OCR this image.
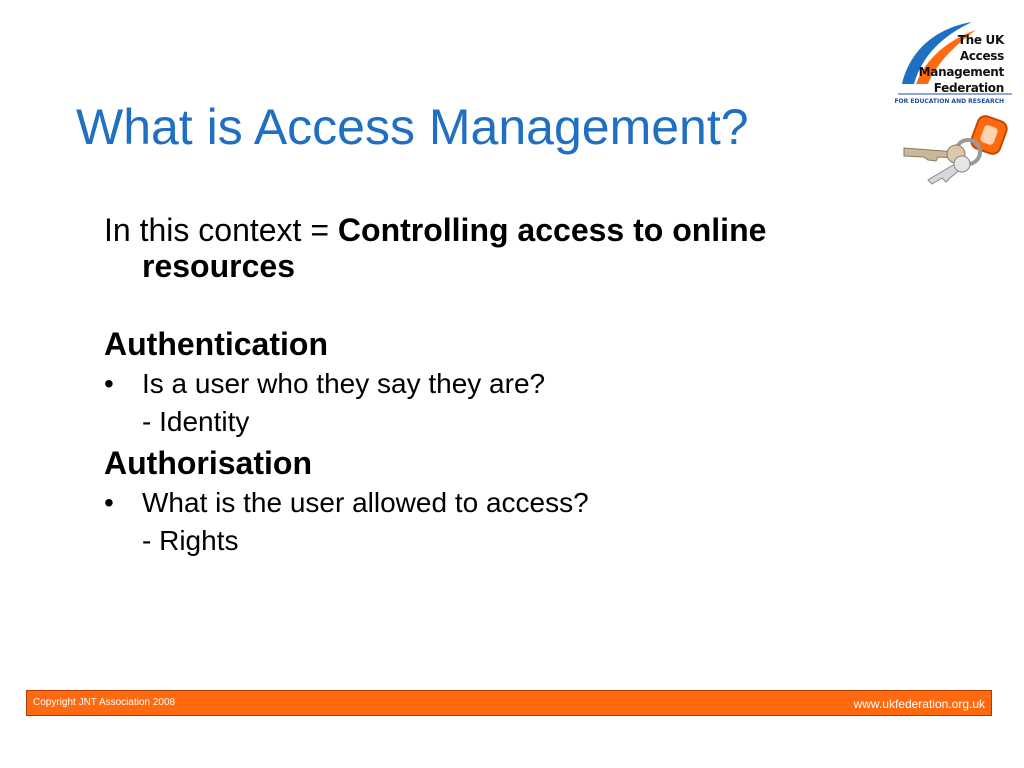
The UK
Access
Management
Federation
FOR EDUCATION AND RESEARCH
What is Access Management?

In this context = Controlling access to online
resources

Authentication
• Is a user who they say they are?
- Identity
Authorisation
• What is the user allowed to access?
- Rights
Copyright JNT Association 2008	www.ukfederation.org.uk
